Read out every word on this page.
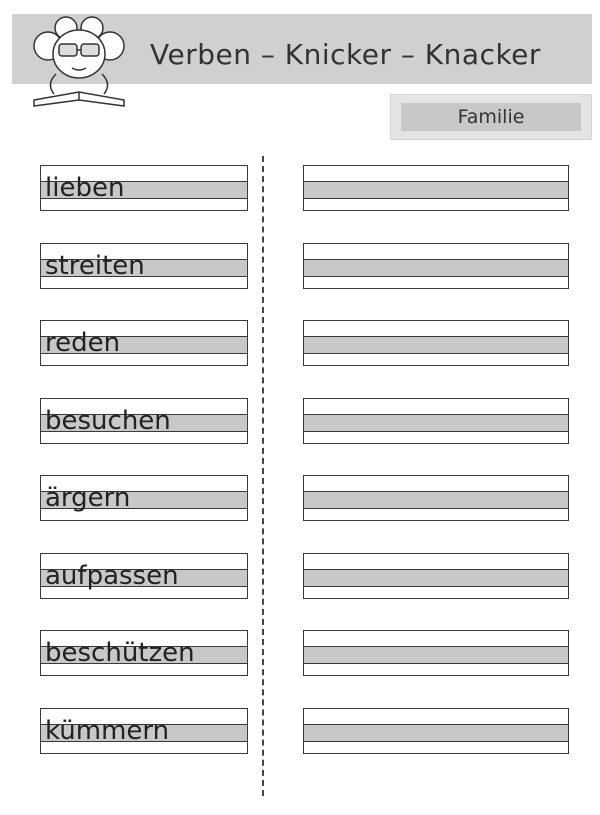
Verben – Knicker – Knacker
Familie
lieben
streiten
reden
besuchen
ärgern
aufpassen
beschützen
kümmern
